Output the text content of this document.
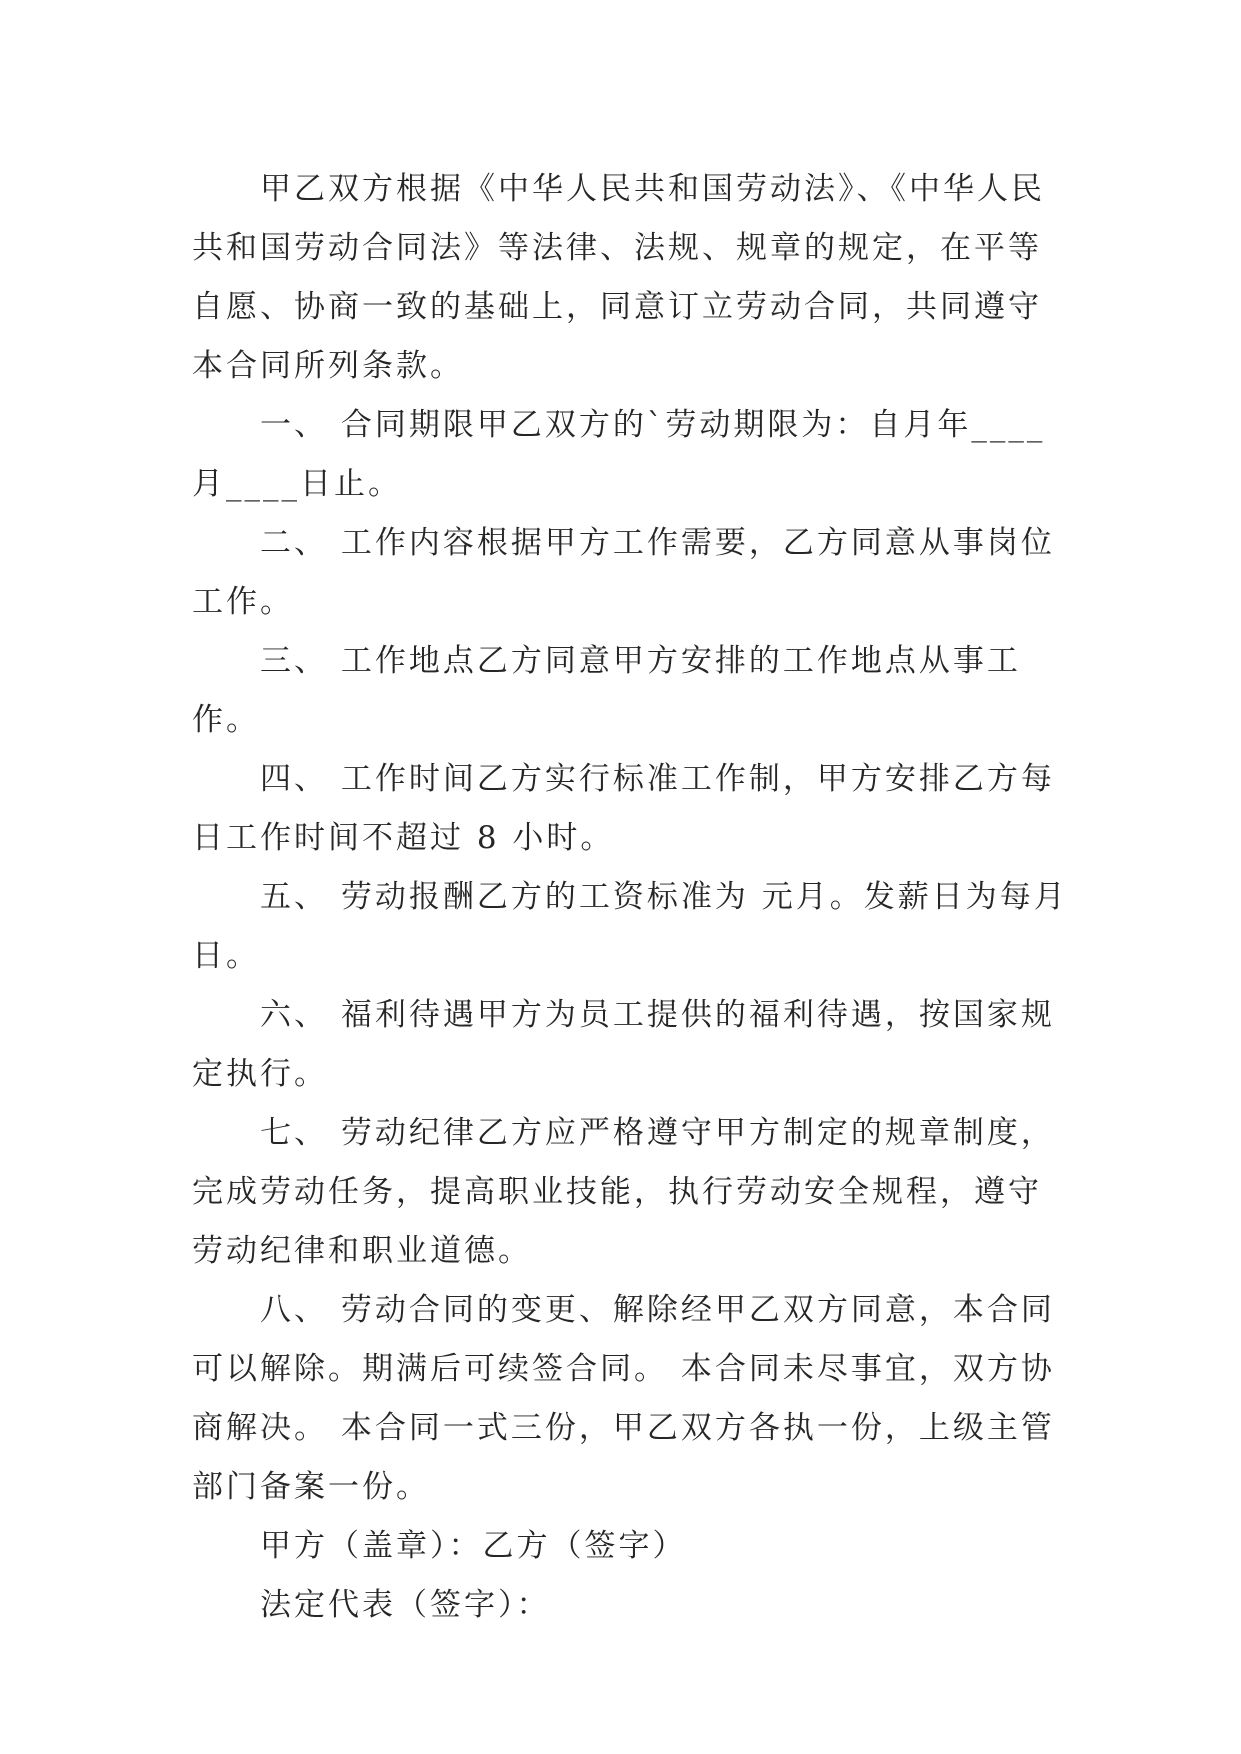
甲乙双方根据《中华人民共和国劳动法》、《中华人民共和国劳动合同法》等法律、法规、规章的规定，在平等自愿、协商一致的基础上，同意订立劳动合同，共同遵守本合同所列条款。

一、 合同期限甲乙双方的`劳动期限为：自月年____月____日止。

二、 工作内容根据甲方工作需要，乙方同意从事岗位工作。

三、 工作地点乙方同意甲方安排的工作地点从事工作。

四、 工作时间乙方实行标准工作制，甲方安排乙方每日工作时间不超过 8 小时。

五、 劳动报酬乙方的工资标准为 元月。发薪日为每月日。

六、 福利待遇甲方为员工提供的福利待遇，按国家规定执行。

七、 劳动纪律乙方应严格遵守甲方制定的规章制度，完成劳动任务，提高职业技能，执行劳动安全规程，遵守劳动纪律和职业道德。

八、 劳动合同的变更、解除经甲乙双方同意，本合同可以解除。期满后可续签合同。 本合同未尽事宜，双方协商解决。 本合同一式三份，甲乙双方各执一份，上级主管部门备案一份。

甲方（盖章）：乙方（签字）

法定代表（签字）：
